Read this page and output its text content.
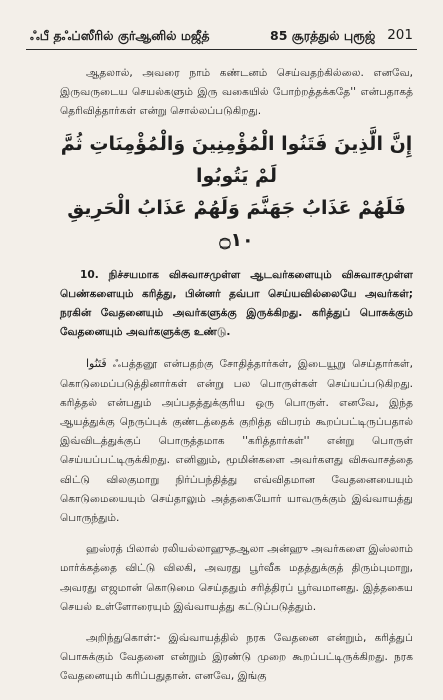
ஃபீ தஃப்ஸீரில் குர்ஆனில் மஜீத்	85 சூரத்துல் புரூஜ் 201

ஆதலால், அவரை நாம் கண்டனம் செய்வதற்கில்லை. எனவே, இருவருடைய செயல்களும் இரு வகையில் போற்றத்தக்கதே'' என்பதாகத் தெரிவித்தார்கள் என்று சொல்லப்படுகிறது.

إِنَّ الَّذِينَ فَتَنُوا الْمُؤْمِنِينَ وَالْمُؤْمِنَاتِ ثُمَّ لَمْ يَتُوبُوا
فَلَهُمْ عَذَابُ جَهَنَّمَ وَلَهُمْ عَذَابُ الْحَرِيقِ ۝١٠

10. நிச்சயமாக விசுவாசமுள்ள ஆடவர்களையும் விசுவாசமுள்ள பெண்களையும் கரித்து, பின்னர் தவ்பா செய்யவில்லையே அவர்கள்; நரகின் வேதனையும் அவர்களுக்கு இருக்கிறது. கரித்துப் பொசுக்கும் வேதனையும் அவர்களுக்கு உண்டு.

فَتَنُوا ஃபத்தனூ என்பதற்கு சோதித்தார்கள், இடையூறு செய்தார்கள், கொடுமைப்படுத்தினார்கள் என்று பல பொருள்கள் செய்யப்படுகிறது. கரித்தல் என்பதும் அப்பதத்துக்குரிய ஒரு பொருள். எனவே, இந்த ஆயத்துக்கு நெருப்புக் குண்டத்தைக் குறித்த விபரம் கூறப்பட்டிருப்பதால் இவ்விடத்துக்குப் பொருத்தமாக ''கரித்தார்கள்'' என்று பொருள் செய்யப்பட்டிருக்கிறது. எனினும், மூமின்களை அவர்களது விசுவாசத்தை விட்டு விலகுமாறு நிர்ப்பந்தித்து எவ்விதமான வேதனையையும் கொடுமையையும் செய்தாலும் அத்தகையோர் யாவருக்கும் இவ்வாயத்து பொருந்தும்.

ஹஸ்ரத் பிலால் ரலியல்லாஹுதஆலா அன்ஹு அவர்களை இஸ்லாம் மார்க்கத்தை விட்டு விலகி, அவரது பூர்வீக மதத்துக்குத் திரும்புமாறு, அவரது எஜமான் கொடுமை செய்ததும் சரித்திரப் பூர்வமானது. இத்தகைய செயல் உள்ளோரையும் இவ்வாயத்து கட்டுப்படுத்தும்.

அறிந்துகொள்:- இவ்வாயத்தில் நரக வேதனை என்றும், கரித்துப் பொசுக்கும் வேதனை என்றும் இரண்டு முறை கூறப்பட்டிருக்கிறது. நரக வேதனையும் கரிப்பதுதான். எனவே, இங்கு
